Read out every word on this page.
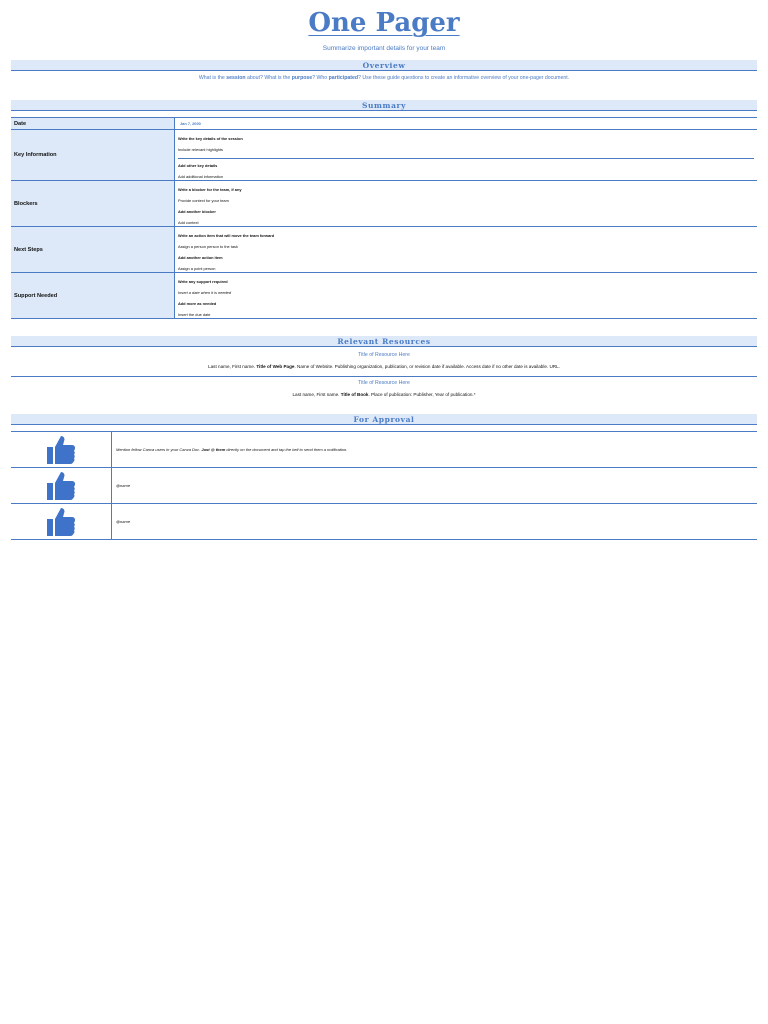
One Pager
Summarize important details for your team
Overview
What is the session about? What is the purpose? Who participated? Use these guide questions to create an informative overview of your one-pager document.
Summary
Date	Jan 7, 2000
Key Information
Write the key details of the session
Include relevant highlights
Add other key details
Add additional information
Blockers
Write a blocker for the team, if any
Provide context for your team
Add another blocker
Add context
Next Steps
Write an action item that will move the team forward
Assign a person person to the task
Add another action item
Assign a point person
Support Needed
Write any support required
Insert a date when it is needed
Add more as needed
Insert the due date
Relevant Resources
Title of Resource Here
Last name, First name. Title of Web Page. Name of Website. Publishing organization, publication, or revision date if available. Access date if no other date is available. URL.
Title of Resource Here
Last name, First name. Title of Book. Place of publication: Publisher, Year of publication.*
For Approval
Mention fellow Canva users in your Canva Doc. Just @ them directly on the document and tap the bell to send them a notification.
@name
@name
